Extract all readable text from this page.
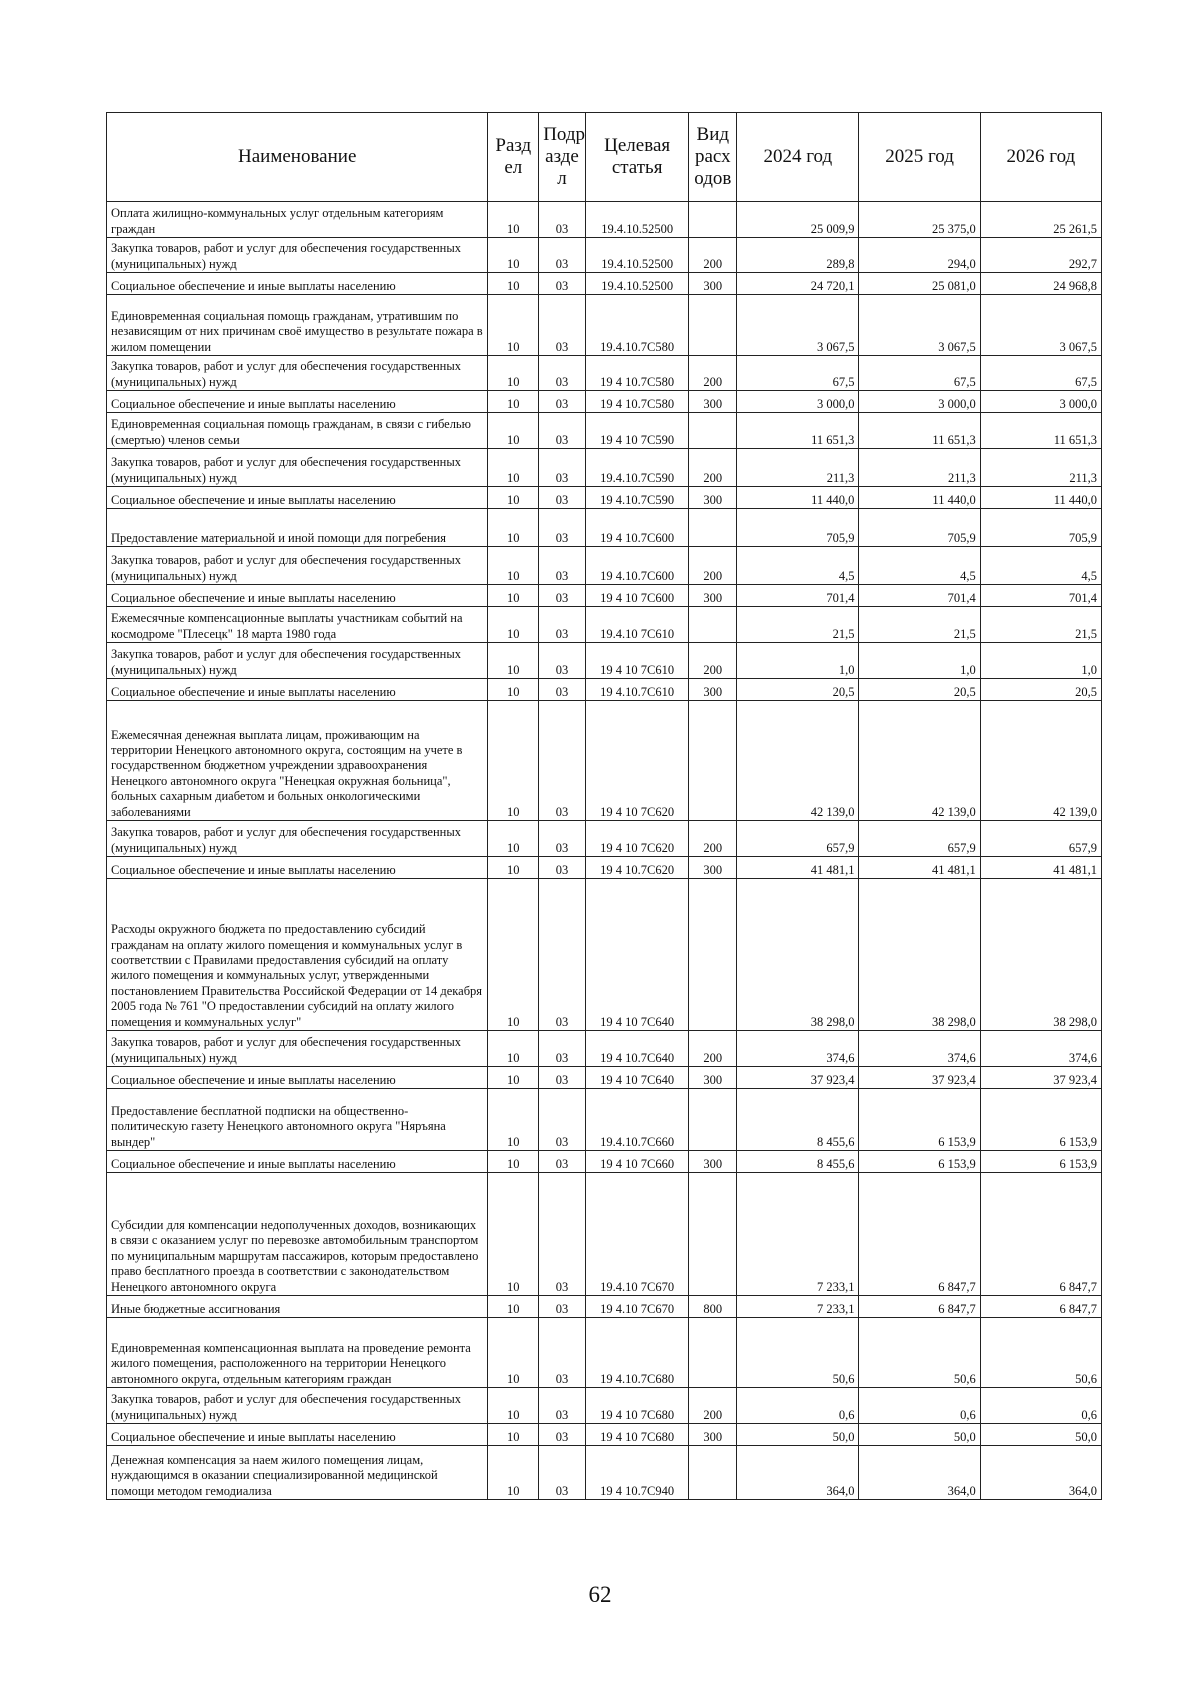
Наименование	Разд ел	Подр азде л	Целевая статья	Вид расх одов	2024 год	2025 год	2026 год
Оплата жилищно-коммунальных услуг отдельным категориям граждан	10	03	19.4.10.52500		25 009,9	25 375,0	25 261,5
Закупка товаров, работ и услуг для обеспечения государственных (муниципальных) нужд	10	03	19.4.10.52500	200	289,8	294,0	292,7
Социальное обеспечение и иные выплаты населению	10	03	19.4.10.52500	300	24 720,1	25 081,0	24 968,8
Единовременная социальная помощь гражданам, утратившим по независящим от них причинам своё имущество в результате пожара в жилом помещении	10	03	19.4.10.7С580		3 067,5	3 067,5	3 067,5
Закупка товаров, работ и услуг для обеспечения государственных (муниципальных) нужд	10	03	19 4 10.7С580	200	67,5	67,5	67,5
Социальное обеспечение и иные выплаты населению	10	03	19 4 10.7С580	300	3 000,0	3 000,0	3 000,0
Единовременная социальная помощь гражданам, в связи с гибелью (смертью) членов семьи	10	03	19 4 10 7С590		11 651,3	11 651,3	11 651,3
Закупка товаров, работ и услуг для обеспечения государственных (муниципальных) нужд	10	03	19.4.10.7С590	200	211,3	211,3	211,3
Социальное обеспечение и иные выплаты населению	10	03	19 4.10.7С590	300	11 440,0	11 440,0	11 440,0
Предоставление материальной и иной помощи для погребения	10	03	19 4 10.7С600		705,9	705,9	705,9
Закупка товаров, работ и услуг для обеспечения государственных (муниципальных) нужд	10	03	19 4.10.7С600	200	4,5	4,5	4,5
Социальное обеспечение и иные выплаты населению	10	03	19 4 10 7С600	300	701,4	701,4	701,4
Ежемесячные компенсационные выплаты участникам событий на космодроме "Плесецк" 18 марта 1980 года	10	03	19.4.10 7С610		21,5	21,5	21,5
Закупка товаров, работ и услуг для обеспечения государственных (муниципальных) нужд	10	03	19 4 10 7С610	200	1,0	1,0	1,0
Социальное обеспечение и иные выплаты населению	10	03	19 4.10.7С610	300	20,5	20,5	20,5
Ежемесячная денежная выплата лицам, проживающим на территории Ненецкого автономного округа, состоящим на учете в государственном бюджетном учреждении здравоохранения Ненецкого автономного округа "Ненецкая окружная больница", больных сахарным диабетом и больных онкологическими заболеваниями	10	03	19 4 10 7С620		42 139,0	42 139,0	42 139,0
Закупка товаров, работ и услуг для обеспечения государственных (муниципальных) нужд	10	03	19 4 10 7С620	200	657,9	657,9	657,9
Социальное обеспечение и иные выплаты населению	10	03	19 4 10.7С620	300	41 481,1	41 481,1	41 481,1
Расходы окружного бюджета по предоставлению субсидий гражданам на оплату жилого помещения и коммунальных услуг в соответствии с Правилами предоставления субсидий на оплату жилого помещения и коммунальных услуг, утвержденными постановлением Правительства Российской Федерации от 14 декабря 2005 года № 761 "О предоставлении субсидий на оплату жилого помещения и коммунальных услуг"	10	03	19 4 10 7С640		38 298,0	38 298,0	38 298,0
Закупка товаров, работ и услуг для обеспечения государственных (муниципальных) нужд	10	03	19 4 10.7С640	200	374,6	374,6	374,6
Социальное обеспечение и иные выплаты населению	10	03	19 4 10 7С640	300	37 923,4	37 923,4	37 923,4
Предоставление бесплатной подписки на общественно-политическую газету Ненецкого автономного округа "Няръяна вындер"	10	03	19.4.10.7С660		8 455,6	6 153,9	6 153,9
Социальное обеспечение и иные выплаты населению	10	03	19 4 10 7С660	300	8 455,6	6 153,9	6 153,9
Субсидии для компенсации недополученных доходов, возникающих в связи с оказанием услуг по перевозке автомобильным транспортом по муниципальным маршрутам пассажиров, которым предоставлено право бесплатного проезда в соответствии с законодательством Ненецкого автономного округа	10	03	19.4.10 7С670		7 233,1	6 847,7	6 847,7
Иные бюджетные ассигнования	10	03	19 4.10 7С670	800	7 233,1	6 847,7	6 847,7
Единовременная компенсационная выплата на проведение ремонта жилого помещения, расположенного на территории Ненецкого автономного округа, отдельным категориям граждан	10	03	19 4.10.7С680		50,6	50,6	50,6
Закупка товаров, работ и услуг для обеспечения государственных (муниципальных) нужд	10	03	19 4 10 7С680	200	0,6	0,6	0,6
Социальное обеспечение и иные выплаты населению	10	03	19 4 10 7С680	300	50,0	50,0	50,0
Денежная компенсация за наем жилого помещения лицам, нуждающимся в оказании специализированной медицинской помощи методом гемодиализа	10	03	19 4 10.7С940		364,0	364,0	364,0
62
